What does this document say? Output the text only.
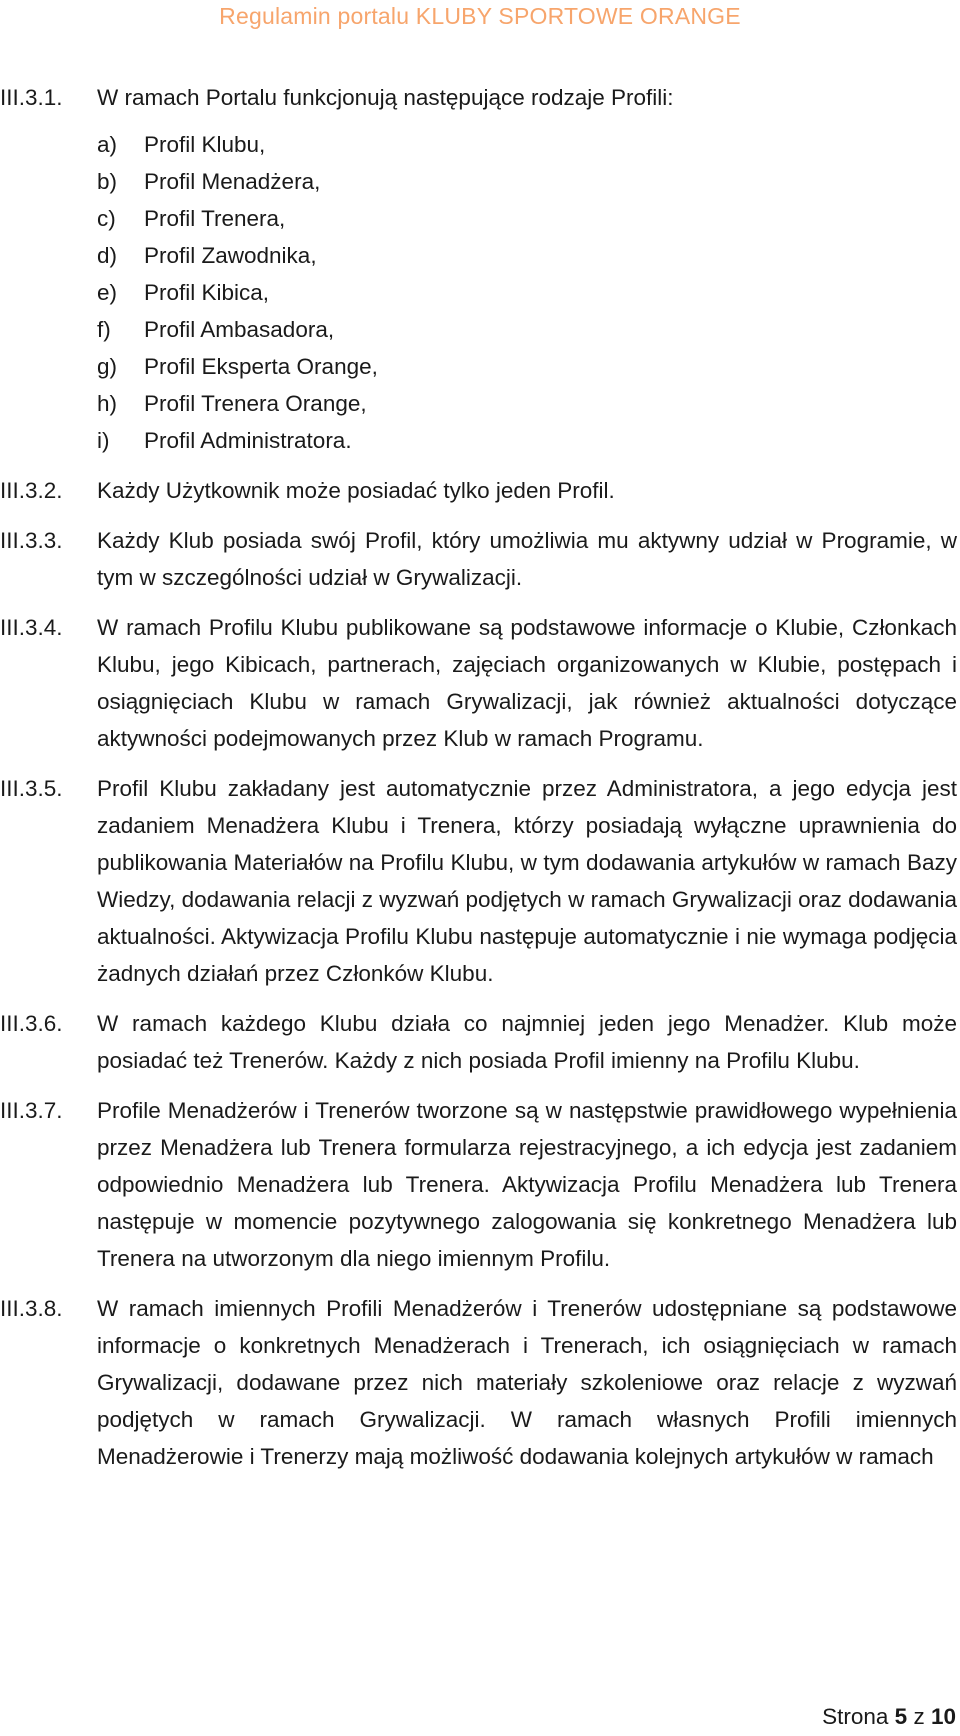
Regulamin portalu KLUBY SPORTOWE ORANGE
III.3.1.	W ramach Portalu funkcjonują następujące rodzaje Profili:
a)	Profil Klubu,
b)	Profil Menadżera,
c)	Profil Trenera,
d)	Profil Zawodnika,
e)	Profil Kibica,
f)	Profil Ambasadora,
g)	Profil Eksperta Orange,
h)	Profil Trenera Orange,
i)	Profil Administratora.
III.3.2.	Każdy Użytkownik może posiadać tylko jeden Profil.
III.3.3.	Każdy Klub posiada swój Profil, który umożliwia mu aktywny udział w Programie, w tym w szczególności udział w Grywalizacji.
III.3.4.	W ramach Profilu Klubu publikowane są podstawowe informacje o Klubie, Członkach Klubu, jego Kibicach, partnerach, zajęciach organizowanych w Klubie, postępach i osiągnięciach Klubu w ramach Grywalizacji, jak również aktualności dotyczące aktywności podejmowanych przez Klub w ramach Programu.
III.3.5.	Profil Klubu zakładany jest automatycznie przez Administratora, a jego edycja jest zadaniem Menadżera Klubu i Trenera, którzy posiadają wyłączne uprawnienia do publikowania Materiałów na Profilu Klubu, w tym dodawania artykułów w ramach Bazy Wiedzy, dodawania relacji z wyzwań podjętych w ramach Grywalizacji oraz dodawania aktualności. Aktywizacja Profilu Klubu następuje automatycznie i nie wymaga podjęcia żadnych działań przez Członków Klubu.
III.3.6.	W ramach każdego Klubu działa co najmniej jeden jego Menadżer. Klub może posiadać też Trenerów. Każdy z nich posiada Profil imienny na Profilu Klubu.
III.3.7.	Profile Menadżerów i Trenerów tworzone są w następstwie prawidłowego wypełnienia przez Menadżera lub Trenera formularza rejestracyjnego, a ich edycja jest zadaniem odpowiednio Menadżera lub Trenera. Aktywizacja Profilu Menadżera lub Trenera następuje w momencie pozytywnego zalogowania się konkretnego Menadżera lub Trenera na utworzonym dla niego imiennym Profilu.
III.3.8.	W ramach imiennych Profili Menadżerów i Trenerów udostępniane są podstawowe informacje o konkretnych Menadżerach i Trenerach, ich osiągnięciach w ramach Grywalizacji, dodawane przez nich materiały szkoleniowe oraz relacje z wyzwań podjętych w ramach Grywalizacji. W ramach własnych Profili imiennych Menadżerowie i Trenerzy mają możliwość dodawania kolejnych artykułów w ramach
Strona 5 z 10
